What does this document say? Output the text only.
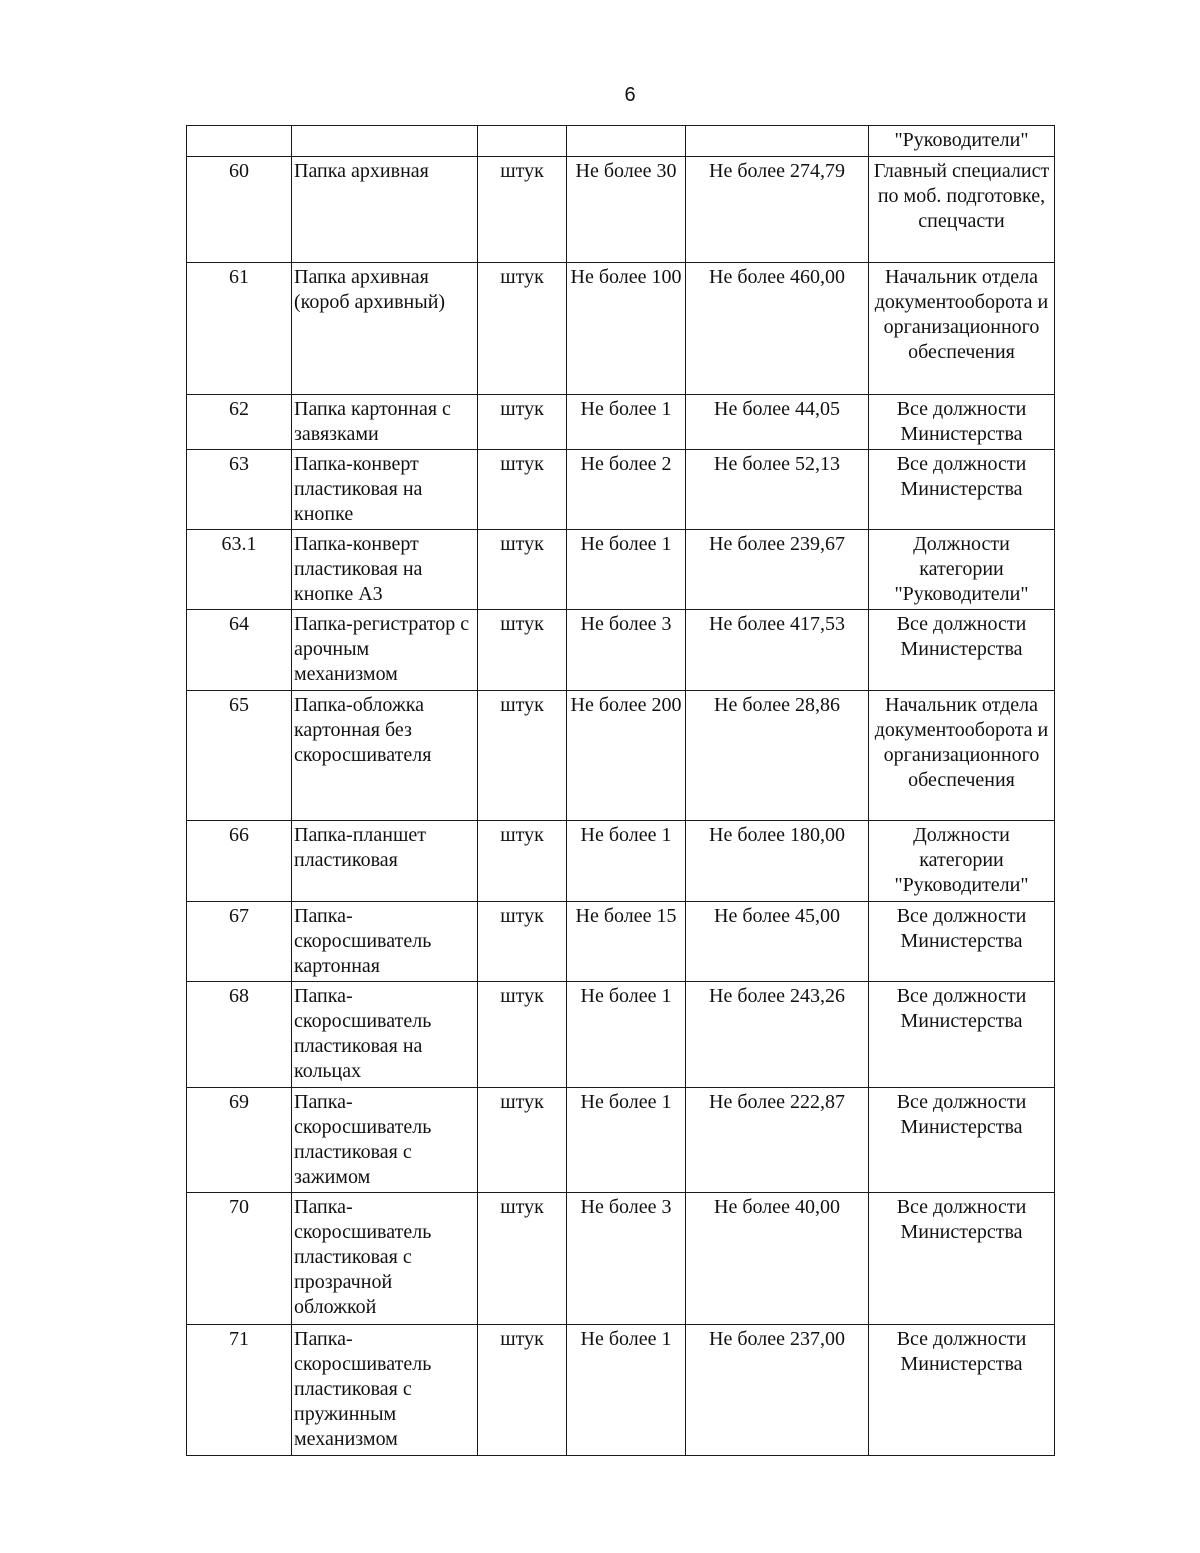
6
					"Руководители"
60	Папка архивная	штук	Не более 30	Не более 274,79	Главный специалист по моб. подготовке, спецчасти
61	Папка архивная (короб архивный)	штук	Не более 100	Не более 460,00	Начальник отдела документооборота и организационного обеспечения
62	Папка картонная с завязками	штук	Не более 1	Не более 44,05	Все должности Министерства
63	Папка-конверт пластиковая на кнопке	штук	Не более 2	Не более 52,13	Все должности Министерства
63.1	Папка-конверт пластиковая на кнопке А3	штук	Не более 1	Не более 239,67	Должности категории "Руководители"
64	Папка-регистратор с арочным механизмом	штук	Не более 3	Не более 417,53	Все должности Министерства
65	Папка-обложка картонная без скоросшивателя	штук	Не более 200	Не более 28,86	Начальник отдела документооборота и организационного обеспечения
66	Папка-планшет пластиковая	штук	Не более 1	Не более 180,00	Должности категории "Руководители"
67	Папка-скоросшиватель картонная	штук	Не более 15	Не более 45,00	Все должности Министерства
68	Папка-скоросшиватель пластиковая на кольцах	штук	Не более 1	Не более 243,26	Все должности Министерства
69	Папка-скоросшиватель пластиковая с зажимом	штук	Не более 1	Не более 222,87	Все должности Министерства
70	Папка-скоросшиватель пластиковая с прозрачной обложкой	штук	Не более 3	Не более 40,00	Все должности Министерства
71	Папка-скоросшиватель пластиковая с пружинным механизмом	штук	Не более 1	Не более 237,00	Все должности Министерства
